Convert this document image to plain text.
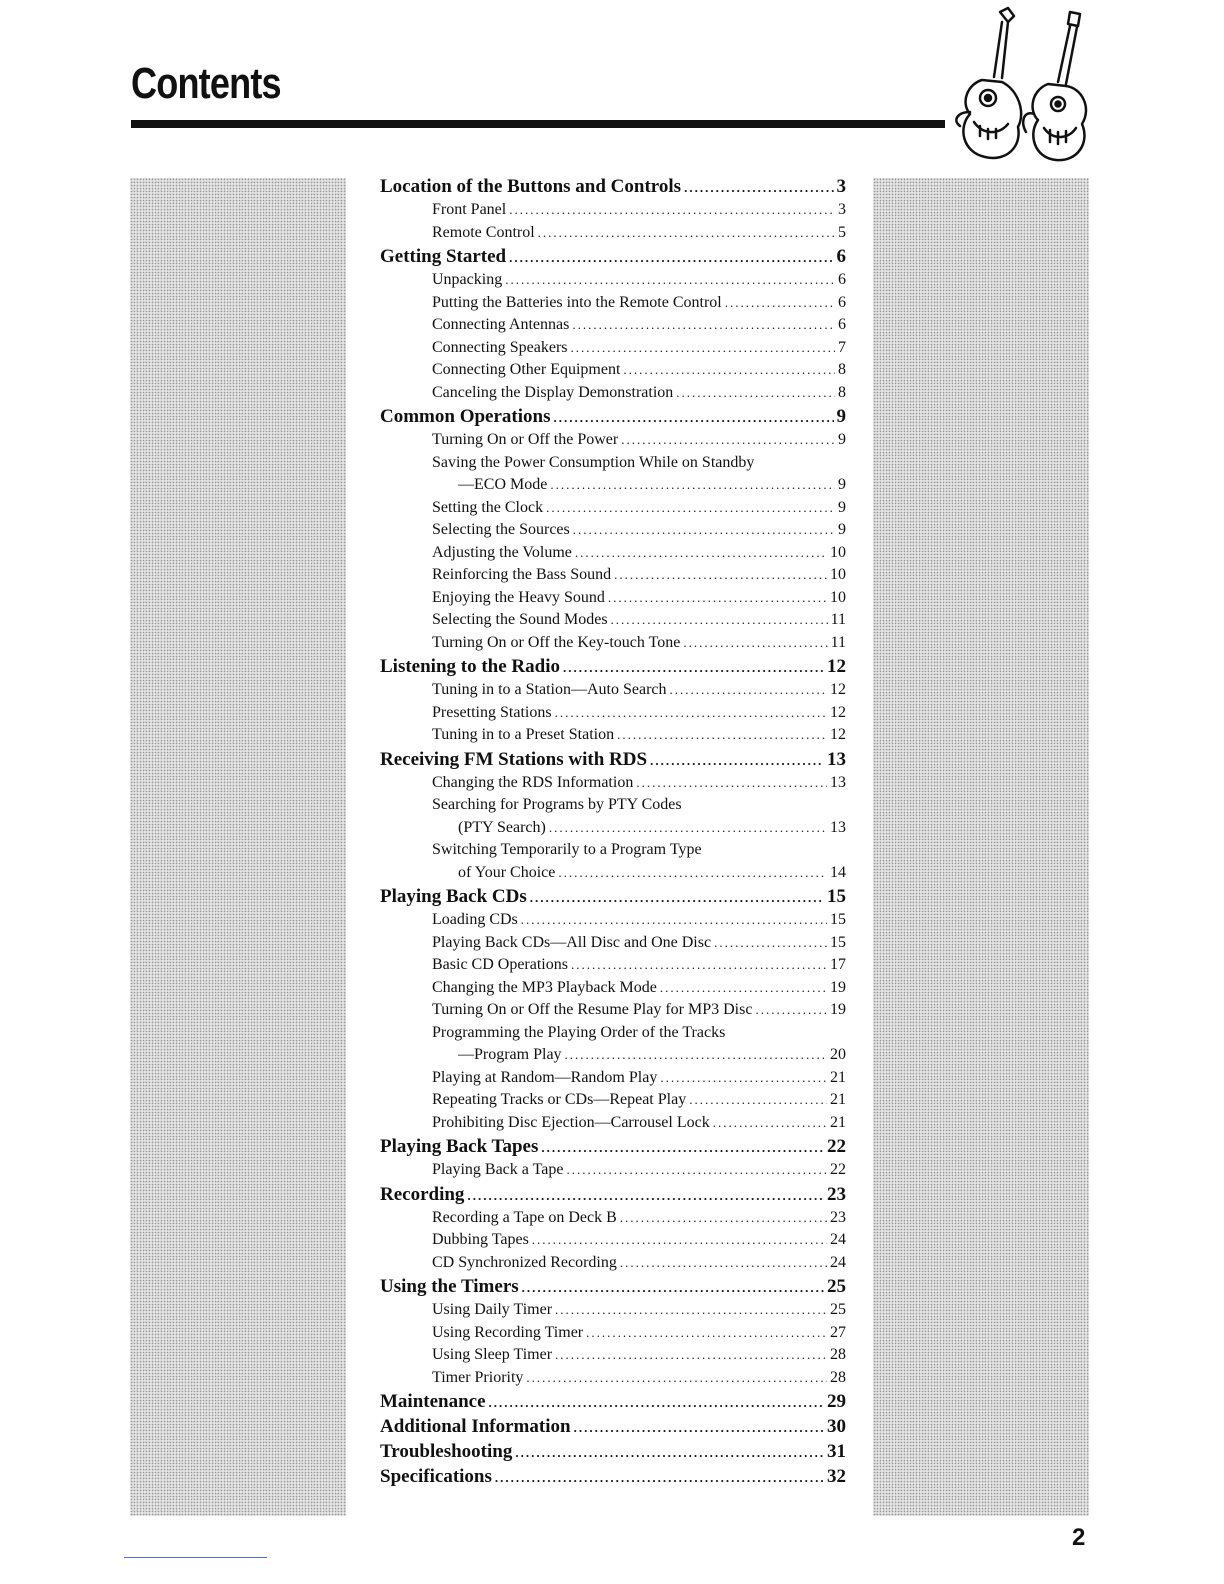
Contents
Location of the Buttons and Controls .....	3
Front Panel .....	3
Remote Control .....	5
Getting Started .....	6
Unpacking .....	6
Putting the Batteries into the Remote Control .....	6
Connecting Antennas .....	6
Connecting Speakers .....	7
Connecting Other Equipment .....	8
Canceling the Display Demonstration .....	8
Common Operations .....	9
Turning On or Off the Power .....	9
Saving the Power Consumption While on Standby
—ECO Mode .....	9
Setting the Clock .....	9
Selecting the Sources .....	9
Adjusting the Volume .....	10
Reinforcing the Bass Sound .....	10
Enjoying the Heavy Sound .....	10
Selecting the Sound Modes .....	11
Turning On or Off the Key-touch Tone .....	11
Listening to the Radio .....	12
Tuning in to a Station—Auto Search .....	12
Presetting Stations .....	12
Tuning in to a Preset Station .....	12
Receiving FM Stations with RDS .....	13
Changing the RDS Information .....	13
Searching for Programs by PTY Codes
(PTY Search) .....	13
Switching Temporarily to a Program Type
of Your Choice .....	14
Playing Back CDs .....	15
Loading CDs .....	15
Playing Back CDs—All Disc and One Disc .....	15
Basic CD Operations .....	17
Changing the MP3 Playback Mode .....	19
Turning On or Off the Resume Play for MP3 Disc .....	19
Programming the Playing Order of the Tracks
—Program Play .....	20
Playing at Random—Random Play .....	21
Repeating Tracks or CDs—Repeat Play .....	21
Prohibiting Disc Ejection—Carrousel Lock .....	21
Playing Back Tapes .....	22
Playing Back a Tape .....	22
Recording .....	23
Recording a Tape on Deck B .....	23
Dubbing Tapes .....	24
CD Synchronized Recording .....	24
Using the Timers .....	25
Using Daily Timer .....	25
Using Recording Timer .....	27
Using Sleep Timer .....	28
Timer Priority .....	28
Maintenance .....	29
Additional Information .....	30
Troubleshooting .....	31
Specifications .....	32
2
